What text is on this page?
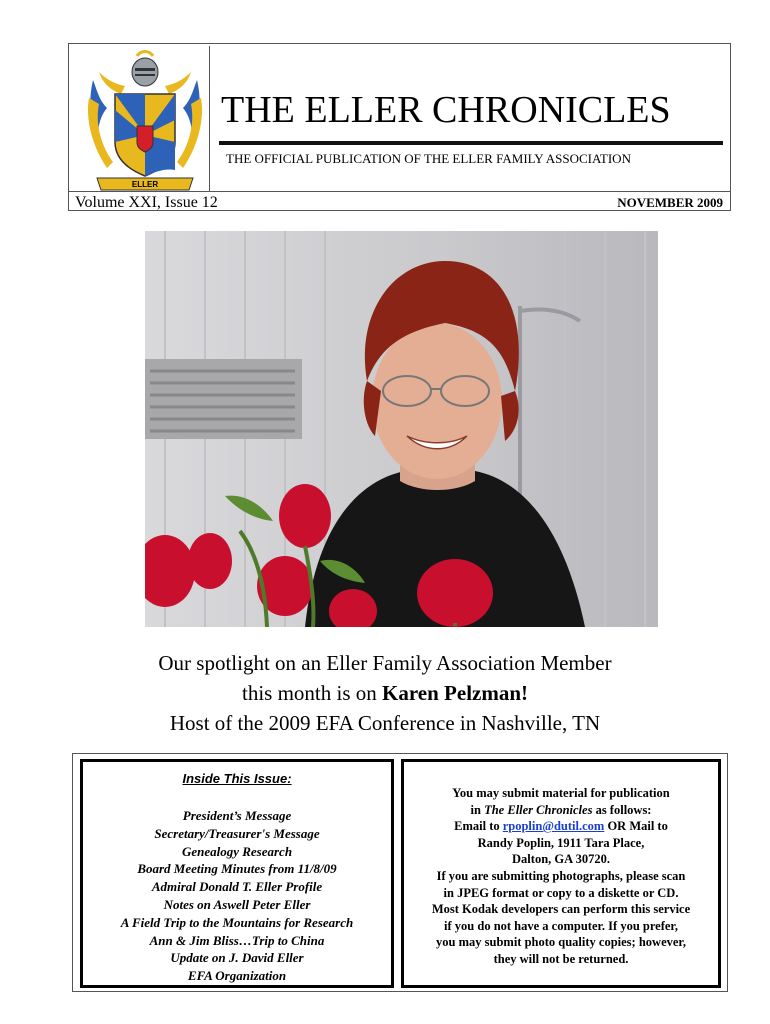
ELLER
THE ELLER CHRONICLES
THE OFFICIAL PUBLICATION OF THE ELLER FAMILY ASSOCIATION
Volume XXI, Issue 12	NOVEMBER 2009
Our spotlight on an Eller Family Association Member
this month is on Karen Pelzman!
Host of the 2009 EFA Conference in Nashville, TN
Inside This Issue:
President’s Message
Secretary/Treasurer's Message
Genealogy Research
Board Meeting Minutes from 11/8/09
Admiral Donald T. Eller Profile
Notes on Aswell Peter Eller
A Field Trip to the Mountains for Research
Ann & Jim Bliss…Trip to China
Update on J. David Eller
EFA Organization
You may submit material for publication
in The Eller Chronicles as follows:
Email to rpoplin@dutil.com OR Mail to
Randy Poplin, 1911 Tara Place,
Dalton, GA 30720.
If you are submitting photographs, please scan
in JPEG format or copy to a diskette or CD.
Most Kodak developers can perform this service
if you do not have a computer. If you prefer,
you may submit photo quality copies; however,
they will not be returned.
